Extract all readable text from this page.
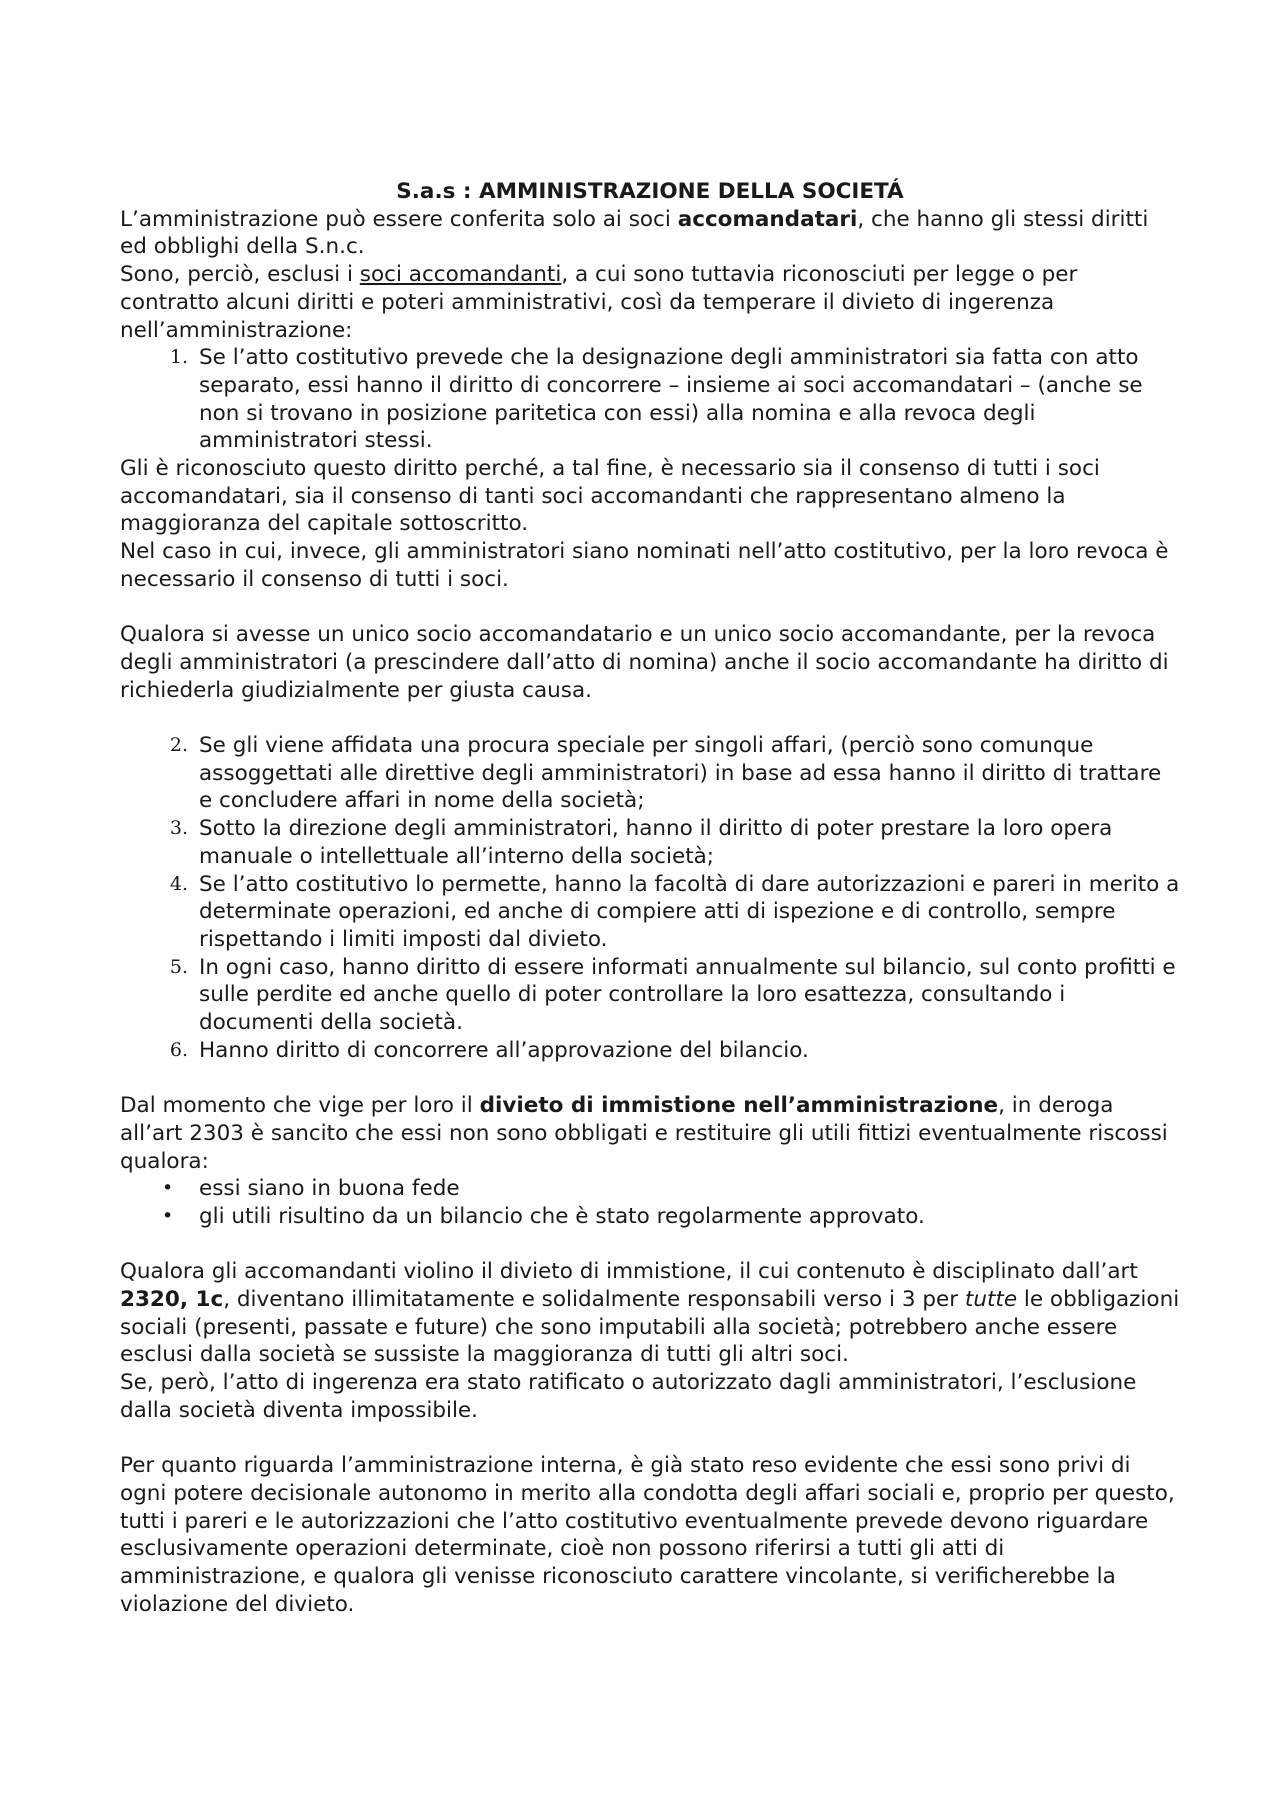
S.a.s : AMMINISTRAZIONE DELLA SOCIETÁ

L’amministrazione può essere conferita solo ai soci accomandatari, che hanno gli stessi diritti ed obblighi della S.n.c.

Sono, perciò, esclusi i soci accomandanti, a cui sono tuttavia riconosciuti per legge o per contratto alcuni diritti e poteri amministrativi, così da temperare il divieto di ingerenza nell’amministrazione:

1. Se l’atto costitutivo prevede che la designazione degli amministratori sia fatta con atto separato, essi hanno il diritto di concorrere – insieme ai soci accomandatari – (anche se non si trovano in posizione paritetica con essi) alla nomina e alla revoca degli amministratori stessi.

Gli è riconosciuto questo diritto perché, a tal fine, è necessario sia il consenso di tutti i soci accomandatari, sia il consenso di tanti soci accomandanti che rappresentano almeno la maggioranza del capitale sottoscritto.

Nel caso in cui, invece, gli amministratori siano nominati nell’atto costitutivo, per la loro revoca è necessario il consenso di tutti i soci.

Qualora si avesse un unico socio accomandatario e un unico socio accomandante, per la revoca degli amministratori (a prescindere dall’atto di nomina) anche il socio accomandante ha diritto di richiederla giudizialmente per giusta causa.

2. Se gli viene affidata una procura speciale per singoli affari, (perciò sono comunque assoggettati alle direttive degli amministratori) in base ad essa hanno il diritto di trattare e concludere affari in nome della società;
3. Sotto la direzione degli amministratori, hanno il diritto di poter prestare la loro opera manuale o intellettuale all’interno della società;
4. Se l’atto costitutivo lo permette, hanno la facoltà di dare autorizzazioni e pareri in merito a determinate operazioni, ed anche di compiere atti di ispezione e di controllo, sempre rispettando i limiti imposti dal divieto.
5. In ogni caso, hanno diritto di essere informati annualmente sul bilancio, sul conto profitti e sulle perdite ed anche quello di poter controllare la loro esattezza, consultando i documenti della società.
6. Hanno diritto di concorrere all’approvazione del bilancio.

Dal momento che vige per loro il divieto di immistione nell’amministrazione, in deroga all’art 2303 è sancito che essi non sono obbligati e restituire gli utili fittizi eventualmente riscossi qualora:

• essi siano in buona fede
• gli utili risultino da un bilancio che è stato regolarmente approvato.

Qualora gli accomandanti violino il divieto di immistione, il cui contenuto è disciplinato dall’art 2320, 1c, diventano illimitatamente e solidalmente responsabili verso i 3 per tutte le obbligazioni sociali (presenti, passate e future) che sono imputabili alla società; potrebbero anche essere esclusi dalla società se sussiste la maggioranza di tutti gli altri soci.

Se, però, l’atto di ingerenza era stato ratificato o autorizzato dagli amministratori, l’esclusione dalla società diventa impossibile.

Per quanto riguarda l’amministrazione interna, è già stato reso evidente che essi sono privi di ogni potere decisionale autonomo in merito alla condotta degli affari sociali e, proprio per questo, tutti i pareri e le autorizzazioni che l’atto costitutivo eventualmente prevede devono riguardare esclusivamente operazioni determinate, cioè non possono riferirsi a tutti gli atti di amministrazione, e qualora gli venisse riconosciuto carattere vincolante, si verificherebbe la violazione del divieto.
